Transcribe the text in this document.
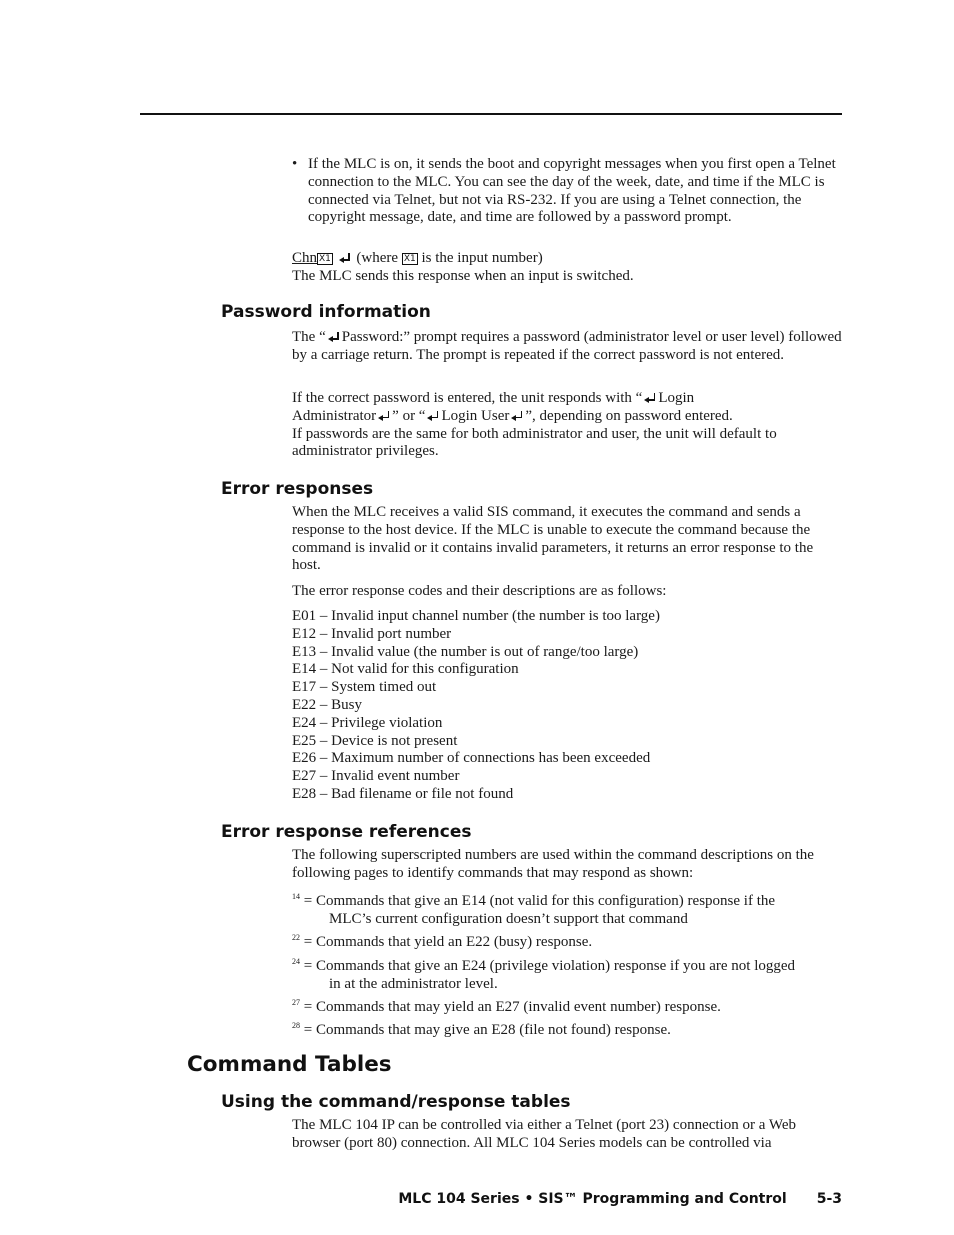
• If the MLC is on, it sends the boot and copyright messages when you first open a Telnet connection to the MLC. You can see the day of the week, date, and time if the MLC is connected via Telnet, but not via RS-232. If you are using a Telnet connection, the copyright message, date, and time are followed by a password prompt.
Chn X1 (where X1 is the input number)
The MLC sends this response when an input is switched.
Password information
The “ Password:” prompt requires a password (administrator level or user level) followed by a carriage return. The prompt is repeated if the correct password is not entered.
If the correct password is entered, the unit responds with “ Login Administrator ” or “ Login User ”, depending on password entered.
If passwords are the same for both administrator and user, the unit will default to administrator privileges.
Error responses
When the MLC receives a valid SIS command, it executes the command and sends a response to the host device. If the MLC is unable to execute the command because the command is invalid or it contains invalid parameters, it returns an error response to the host.
The error response codes and their descriptions are as follows:
E01 – Invalid input channel number (the number is too large)
E12 – Invalid port number
E13 – Invalid value (the number is out of range/too large)
E14 – Not valid for this configuration
E17 – System timed out
E22 – Busy
E24 – Privilege violation
E25 – Device is not present
E26 – Maximum number of connections has been exceeded
E27 – Invalid event number
E28 – Bad filename or file not found
Error response references
The following superscripted numbers are used within the command descriptions on the following pages to identify commands that may respond as shown:
$^{14}$ = Commands that give an E14 (not valid for this configuration) response if the
MLC’s current configuration doesn’t support that command
$^{22}$ = Commands that yield an E22 (busy) response.
$^{24}$ = Commands that give an E24 (privilege violation) response if you are not logged
in at the administrator level.
$^{27}$ = Commands that may yield an E27 (invalid event number) response.
$^{28}$ = Commands that may give an E28 (file not found) response.
Command Tables
Using the command/response tables
The MLC 104 IP can be controlled via either a Telnet (port 23) connection or a Web browser (port 80) connection. All MLC 104 Series models can be controlled via
MLC 104 Series • SIS™ Programming and Control 5-3
